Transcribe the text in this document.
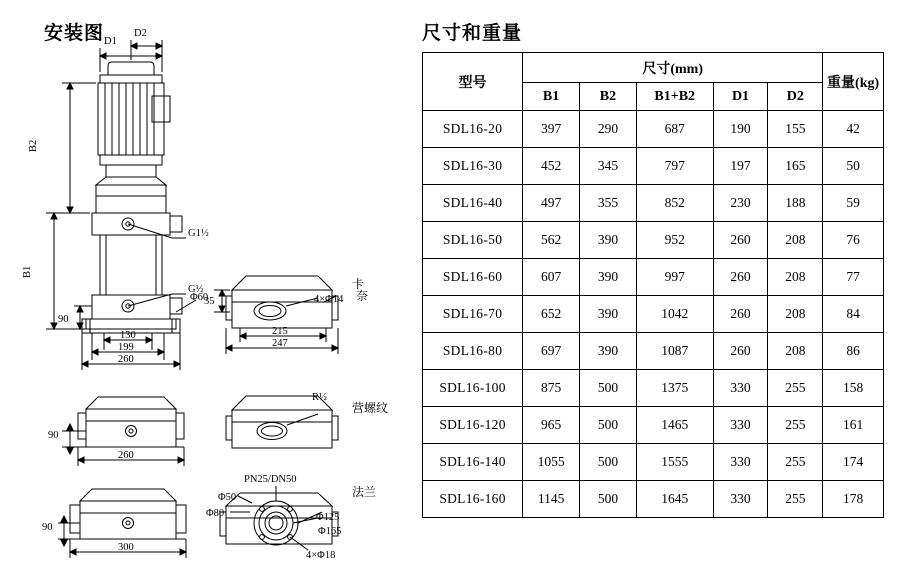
安装图 D1
D2
B2
B1
G1½
G½
130
199
260
90
Φ60
35
215
247
4×Φ14
卡
奈
R½
营螺纹
90
260
PN25/DN50
Φ50
Φ80	Φ125
Φ165
4×Φ18
90
300
法兰
尺寸和重量
型号	尺寸(mm)					重量(kg)
	B1	B2	B1+B2	D1	D2	
SDL16-20	397	290	687	190	155	42
SDL16-30	452	345	797	197	165	50
SDL16-40	497	355	852	230	188	59
SDL16-50	562	390	952	260	208	76
SDL16-60	607	390	997	260	208	77
SDL16-70	652	390	1042	260	208	84
SDL16-80	697	390	1087	260	208	86
SDL16-100	875	500	1375	330	255	158
SDL16-120	965	500	1465	330	255	161
SDL16-140	1055	500	1555	330	255	174
SDL16-160	1145	500	1645	330	255	178
